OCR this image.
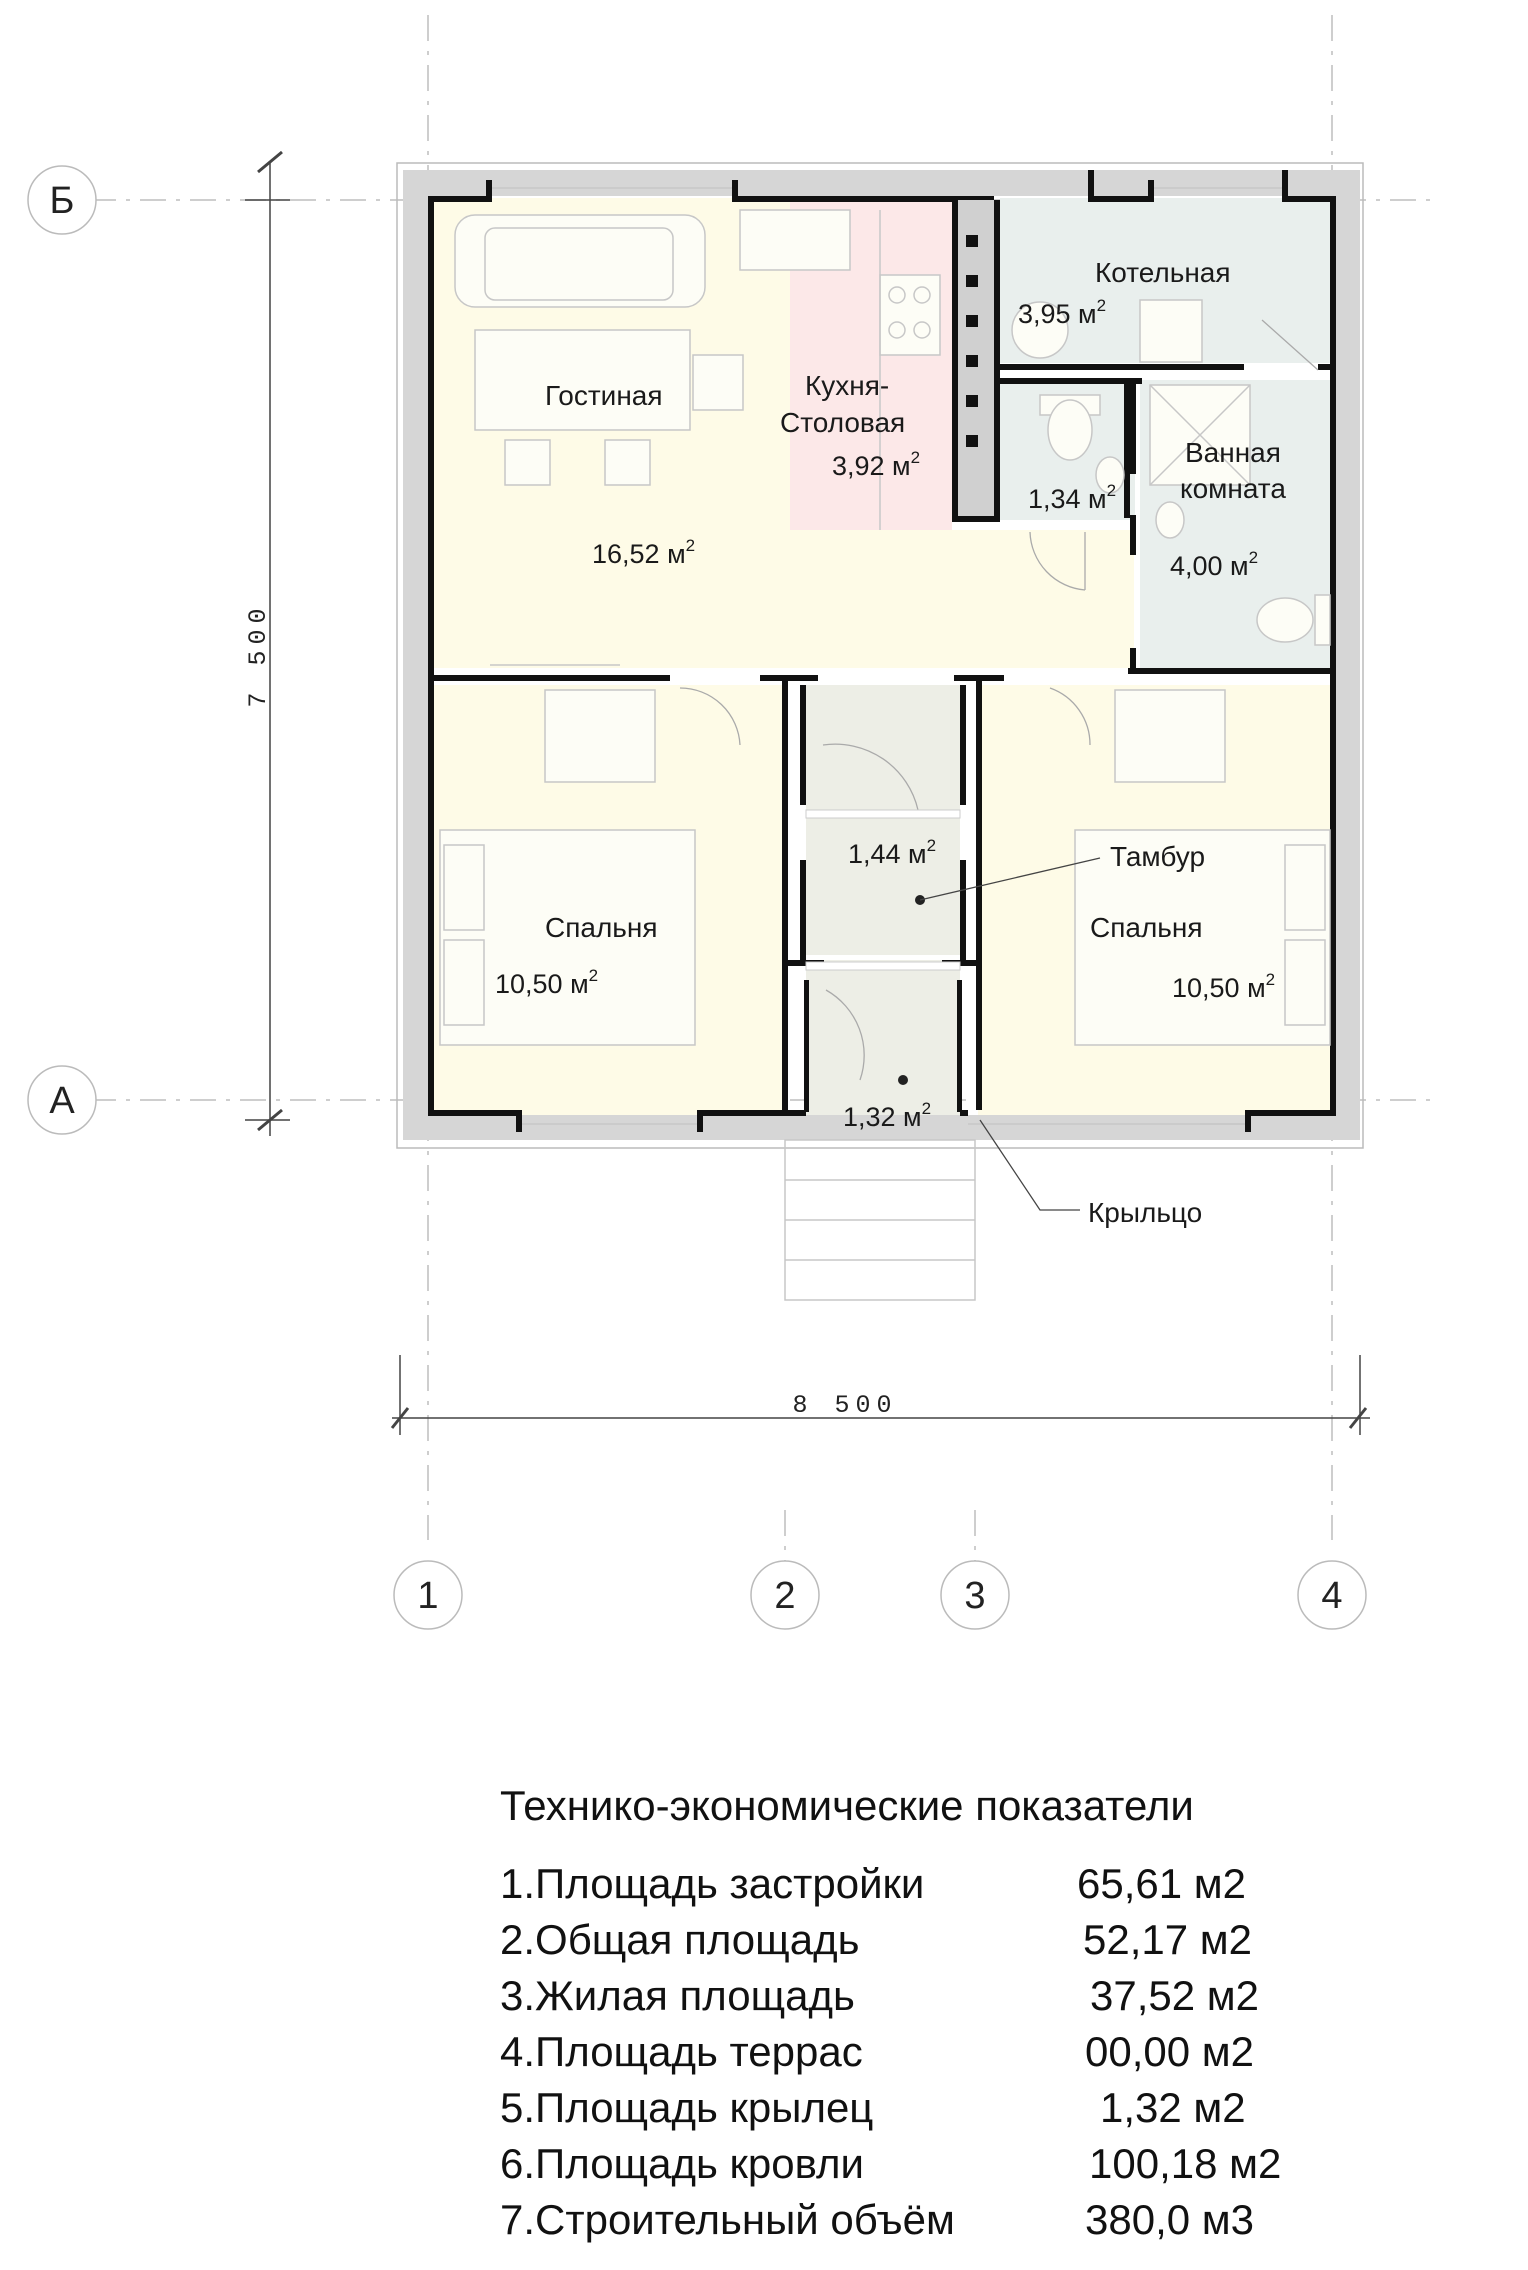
7 500
8 500
Б
А
1	2	3	4
Гостиная
16,52 $м^2$
Кухня-
Столовая
3,92 $м^2$
Котельная
3,95 $м^2$
1,34 $м^2$
Ванная
комната
4,00 $м^2$
Спальня
10,50 $м^2$
Спальня
10,50 $м^2$
Тамбур
1,44 $м^2$
1,32 $м^2$
Крыльцо
Технико-экономические показатели
1.Площадь застройки	65,61 м2
2.Общая площадь	52,17 м2
3.Жилая площадь	37,52 м2
4.Площадь террас	00,00 м2
5.Площадь крылец	1,32 м2
6.Площадь кровли	100,18 м2
7.Строительный объём	380,0 м3
